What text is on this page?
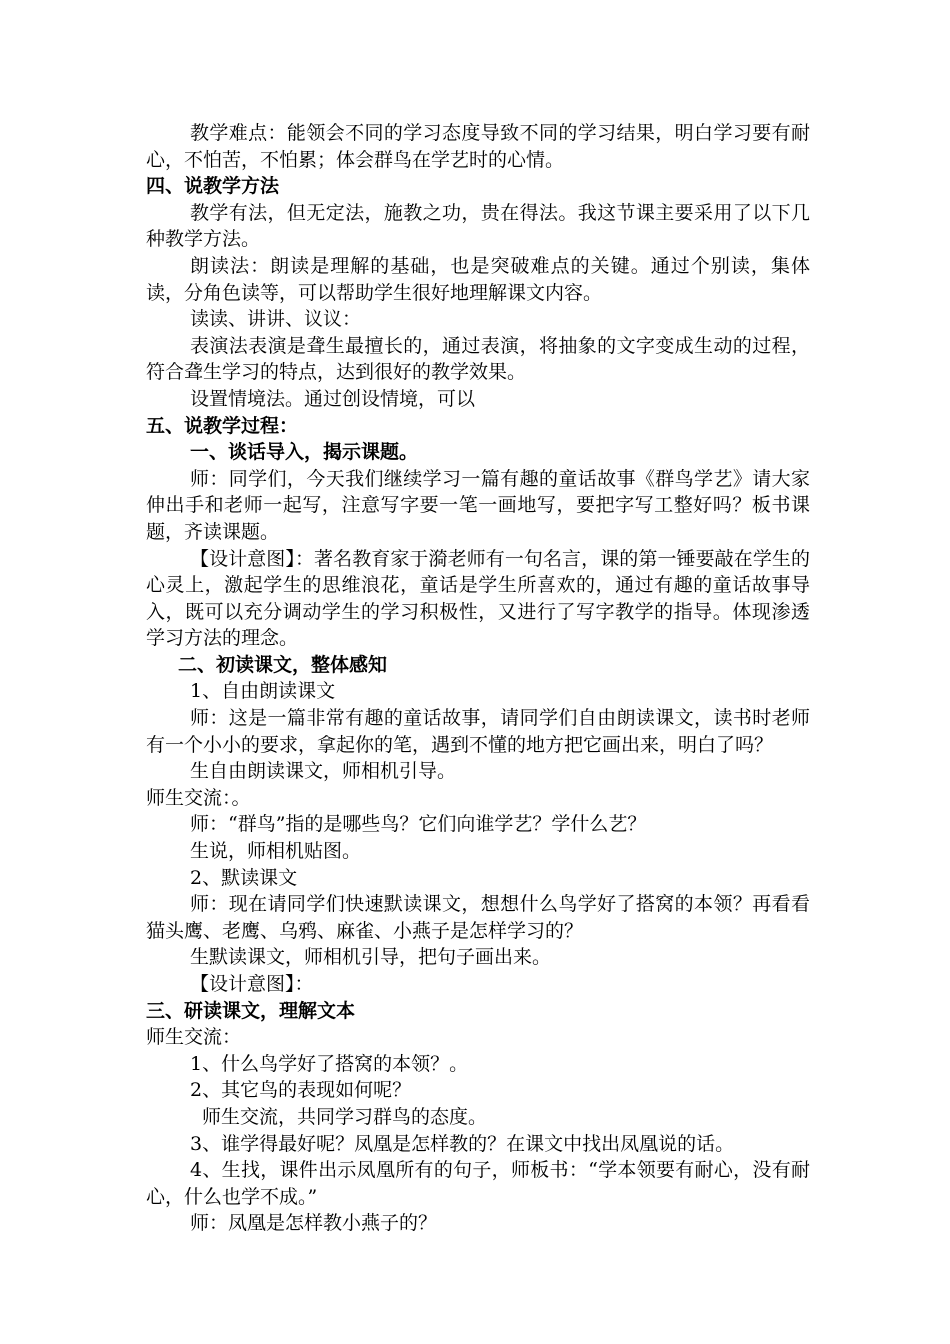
教学难点：能领会不同的学习态度导致不同的学习结果，明白学习要有耐心，不怕苦，不怕累；体会群鸟在学艺时的心情。

四、说教学方法

教学有法，但无定法，施教之功，贵在得法。我这节课主要采用了以下几种教学方法。

朗读法：朗读是理解的基础，也是突破难点的关键。通过个别读，集体读，分角色读等，可以帮助学生很好地理解课文内容。

读读、讲讲、议议：

表演法表演是聋生最擅长的，通过表演，将抽象的文字变成生动的过程，符合聋生学习的特点，达到很好的教学效果。

设置情境法。通过创设情境，可以

五、说教学过程：

一、谈话导入，揭示课题。

师：同学们，今天我们继续学习一篇有趣的童话故事《群鸟学艺》请大家伸出手和老师一起写，注意写字要一笔一画地写，要把字写工整好吗？板书课题，齐读课题。

【设计意图】：著名教育家于漪老师有一句名言，课的第一锤要敲在学生的心灵上，激起学生的思维浪花，童话是学生所喜欢的，通过有趣的童话故事导入，既可以充分调动学生的学习积极性，又进行了写字教学的指导。体现渗透学习方法的理念。

二、初读课文，整体感知

1、自由朗读课文

师：这是一篇非常有趣的童话故事，请同学们自由朗读课文，读书时老师有一个小小的要求，拿起你的笔，遇到不懂的地方把它画出来，明白了吗？

生自由朗读课文，师相机引导。

师生交流：。

师：“群鸟”指的是哪些鸟？它们向谁学艺？学什么艺？

生说，师相机贴图。

2、默读课文

师：现在请同学们快速默读课文，想想什么鸟学好了搭窝的本领？再看看猫头鹰、老鹰、乌鸦、麻雀、小燕子是怎样学习的？

生默读课文，师相机引导，把句子画出来。

【设计意图】：

三、研读课文，理解文本

师生交流：

1、什么鸟学好了搭窝的本领？。

2、其它鸟的表现如何呢？

师生交流，共同学习群鸟的态度。

3、谁学得最好呢？凤凰是怎样教的？在课文中找出凤凰说的话。

4、生找，课件出示凤凰所有的句子，师板书：“学本领要有耐心，没有耐心，什么也学不成。”

师：凤凰是怎样教小燕子的？
